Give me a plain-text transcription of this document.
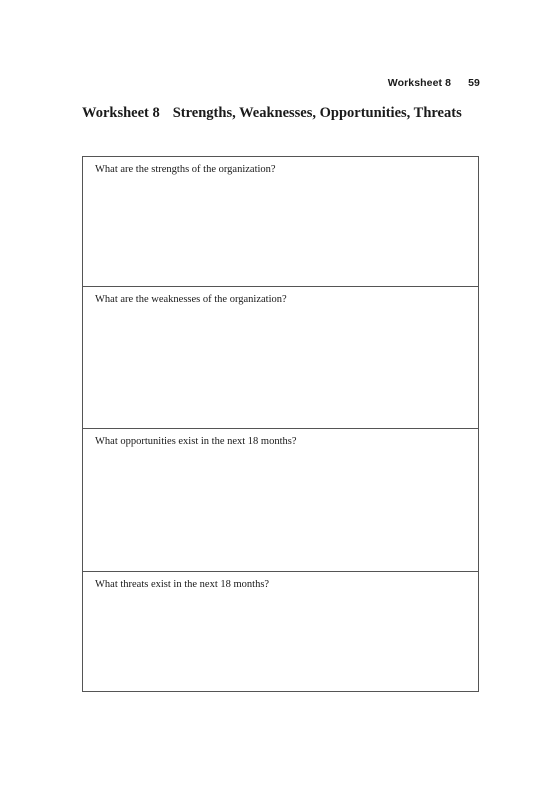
Worksheet 8 59
Worksheet 8 Strengths, Weaknesses, Opportunities, Threats
What are the strengths of the organization?
What are the weaknesses of the organization?
What opportunities exist in the next 18 months?
What threats exist in the next 18 months?
